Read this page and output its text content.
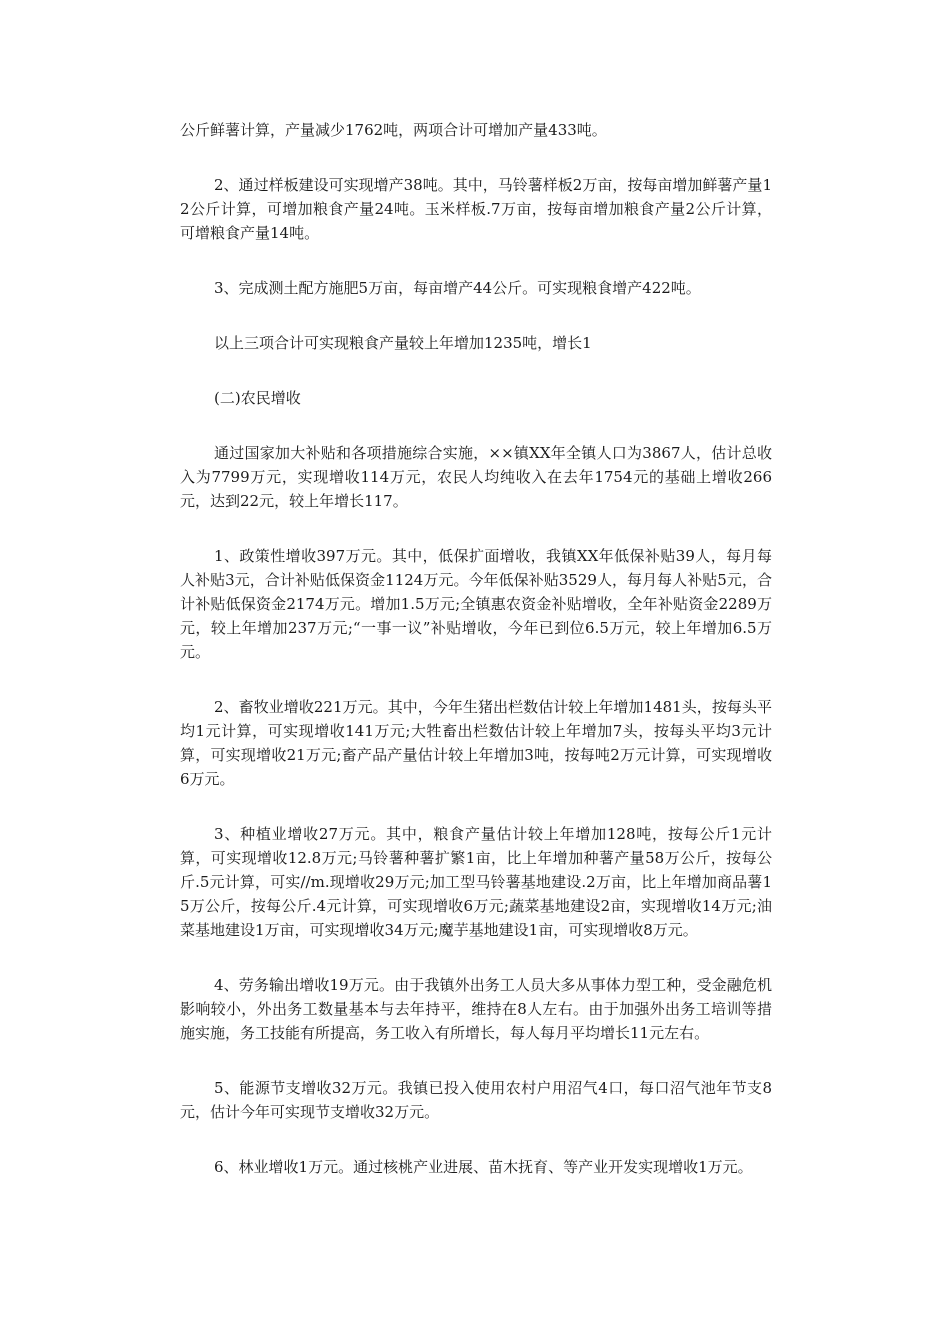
公斤鲜薯计算，产量减少1762吨，两项合计可增加产量433吨。

2、通过样板建设可实现增产38吨。其中，马铃薯样板2万亩，按每亩增加鲜薯产量12公斤计算，可增加粮食产量24吨。玉米样板.7万亩，按每亩增加粮食产量2公斤计算，可增粮食产量14吨。

3、完成测土配方施肥5万亩，每亩增产44公斤。可实现粮食增产422吨。

以上三项合计可实现粮食产量较上年增加1235吨，增长1

(二)农民增收

通过国家加大补贴和各项措施综合实施，××镇XX年全镇人口为3867人，估计总收入为7799万元，实现增收114万元，农民人均纯收入在去年1754元的基础上增收266元，达到22元，较上年增长117。

1、政策性增收397万元。其中，低保扩面增收，我镇XX年低保补贴39人，每月每人补贴3元，合计补贴低保资金1124万元。今年低保补贴3529人，每月每人补贴5元，合计补贴低保资金2174万元。增加1.5万元;全镇惠农资金补贴增收，全年补贴资金2289万元，较上年增加237万元;“一事一议”补贴增收，今年已到位6.5万元，较上年增加6.5万元。

2、畜牧业增收221万元。其中，今年生猪出栏数估计较上年增加1481头，按每头平均1元计算，可实现增收141万元;大牲畜出栏数估计较上年增加7头，按每头平均3元计算，可实现增收21万元;畜产品产量估计较上年增加3吨，按每吨2万元计算，可实现增收6万元。

3、种植业增收27万元。其中，粮食产量估计较上年增加128吨，按每公斤1元计算，可实现增收12.8万元;马铃薯种薯扩繁1亩，比上年增加种薯产量58万公斤，按每公斤.5元计算，可实//m.现增收29万元;加工型马铃薯基地建设.2万亩，比上年增加商品薯15万公斤，按每公斤.4元计算，可实现增收6万元;蔬菜基地建设2亩，实现增收14万元;油菜基地建设1万亩，可实现增收34万元;魔芋基地建设1亩，可实现增收8万元。

4、劳务输出增收19万元。由于我镇外出务工人员大多从事体力型工种，受金融危机影响较小，外出务工数量基本与去年持平，维持在8人左右。由于加强外出务工培训等措施实施，务工技能有所提高，务工收入有所增长，每人每月平均增长11元左右。

5、能源节支增收32万元。我镇已投入使用农村户用沼气4口，每口沼气池年节支8元，估计今年可实现节支增收32万元。

6、林业增收1万元。通过核桃产业进展、苗木抚育、等产业开发实现增收1万元。
